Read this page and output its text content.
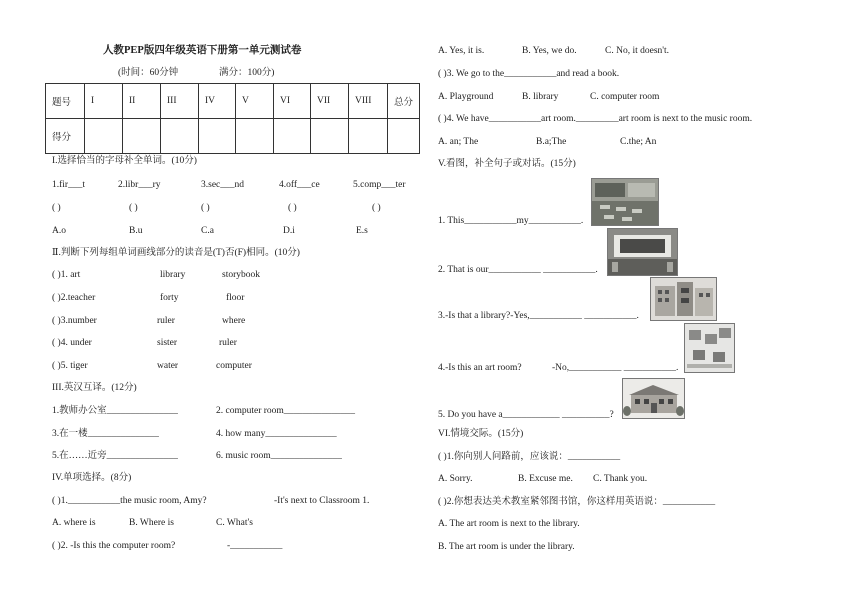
人教PEP版四年级英语下册第一单元测试卷
(时间：60分钟	满分：100分)
题号	I	II	III	IV	V	VI	VII	VIII	总分
得分									
I.选择恰当的字母补全单词。(10分)
1.fir___t	2.libr___ry	3.sec___nd	4.off___ce	5.comp___ter
( )	( )	( )	( )	( )
A.o	B.u	C.a	D.i	E.s
Ⅱ.判断下列每组单词画线部分的读音是(T)否(F)相同。(10分)
( )1. art	library	storybook
( )2.teacher	forty	floor
( )3.number	ruler	where
( )4. under	sister	ruler
( )5. tiger	water	computer
III.英汉互译。(12分)
1.教师办公室_______________	2. computer room_______________
3.在一楼_______________	4. how many_______________
5.在……近旁_______________	6. music room_______________
IV.单项选择。(8分)
( )1.___________the music room, Amy?	-It's next to Classroom 1.
A. where is	B. Where is	C. What's
( )2. -Is this the computer room?	-___________
A. Yes, it is.	B. Yes, we do.	C. No, it doesn't.
( )3. We go to the___________and read a book.
A. Playground	B. library	C. computer room
( )4. We have___________art room._________art room is next to the music room.
A. an; The	B.a;The	C.the; An
V.看图，补全句子或对话。(15分)
1. This___________my___________.
2. That is our___________ ___________.
3.-Is that a library?-Yes,___________ ___________.
4.-Is this an art room?	-No,___________ ___________.
5. Do you have a____________ __________?
VI.情境交际。(15分)
( )1.你向别人问路前，应该说：___________
A. Sorry.	B. Excuse me. C. Thank you.
( )2.你想表达美术教室紧邻图书馆，你这样用英语说：___________
A. The art room is next to the library.
B. The art room is under the library.
